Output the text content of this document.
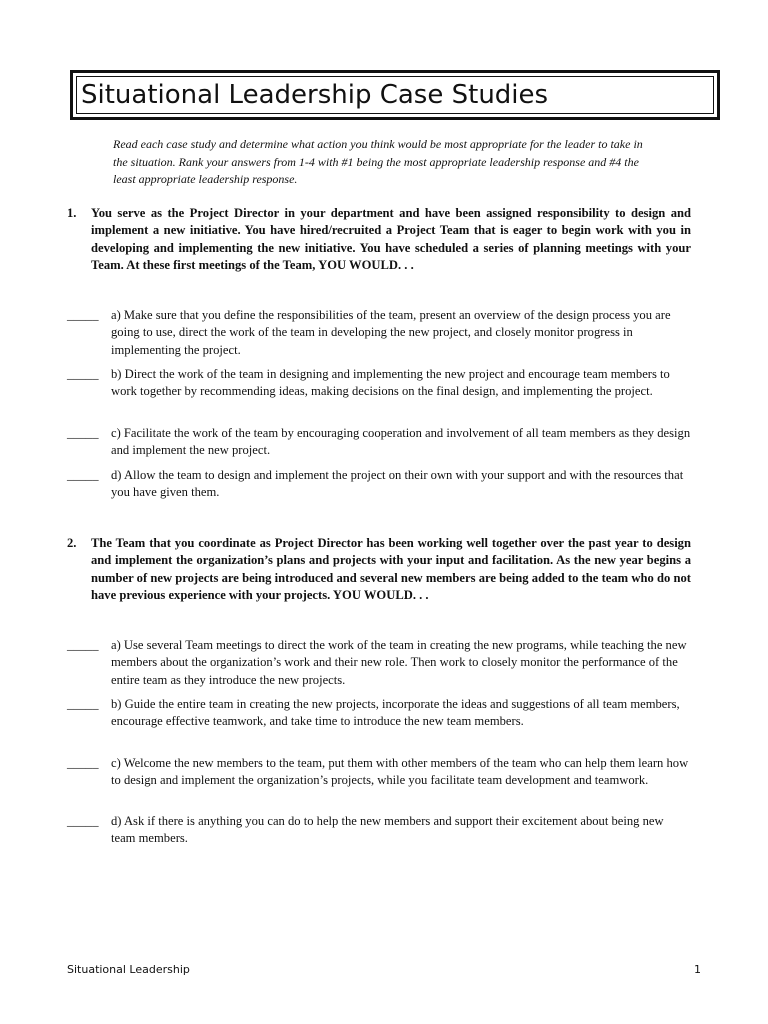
Situational Leadership Case Studies
Read each case study and determine what action you think would be most appropriate for the leader to take in the situation. Rank your answers from 1-4 with #1 being the most appropriate leadership response and #4 the least appropriate leadership response.
1.	You serve as the Project Director in your department and have been assigned responsibility to design and implement a new initiative. You have hired/recruited a Project Team that is eager to begin work with you in developing and implementing the new initiative. You have scheduled a series of planning meetings with your Team. At these first meetings of the Team, YOU WOULD. . .
_____ a) Make sure that you define the responsibilities of the team, present an overview of the design process you are going to use, direct the work of the team in developing the new project, and closely monitor progress in implementing the project.
_____ b) Direct the work of the team in designing and implementing the new project and encourage team members to work together by recommending ideas, making decisions on the final design, and implementing the project.
_____ c) Facilitate the work of the team by encouraging cooperation and involvement of all team members as they design and implement the new project.
_____ d) Allow the team to design and implement the project on their own with your support and with the resources that you have given them.
2.	The Team that you coordinate as Project Director has been working well together over the past year to design and implement the organization’s plans and projects with your input and facilitation. As the new year begins a number of new projects are being introduced and several new members are being added to the team who do not have previous experience with your projects. YOU WOULD. . .
_____ a) Use several Team meetings to direct the work of the team in creating the new programs, while teaching the new members about the organization’s work and their new role. Then work to closely monitor the performance of the entire team as they introduce the new projects.
_____ b) Guide the entire team in creating the new projects, incorporate the ideas and suggestions of all team members, encourage effective teamwork, and take time to introduce the new team members.
_____ c) Welcome the new members to the team, put them with other members of the team who can help them learn how to design and implement the organization’s projects, while you facilitate team development and teamwork.
_____ d) Ask if there is anything you can do to help the new members and support their excitement about being new team members.
Situational Leadership	1
